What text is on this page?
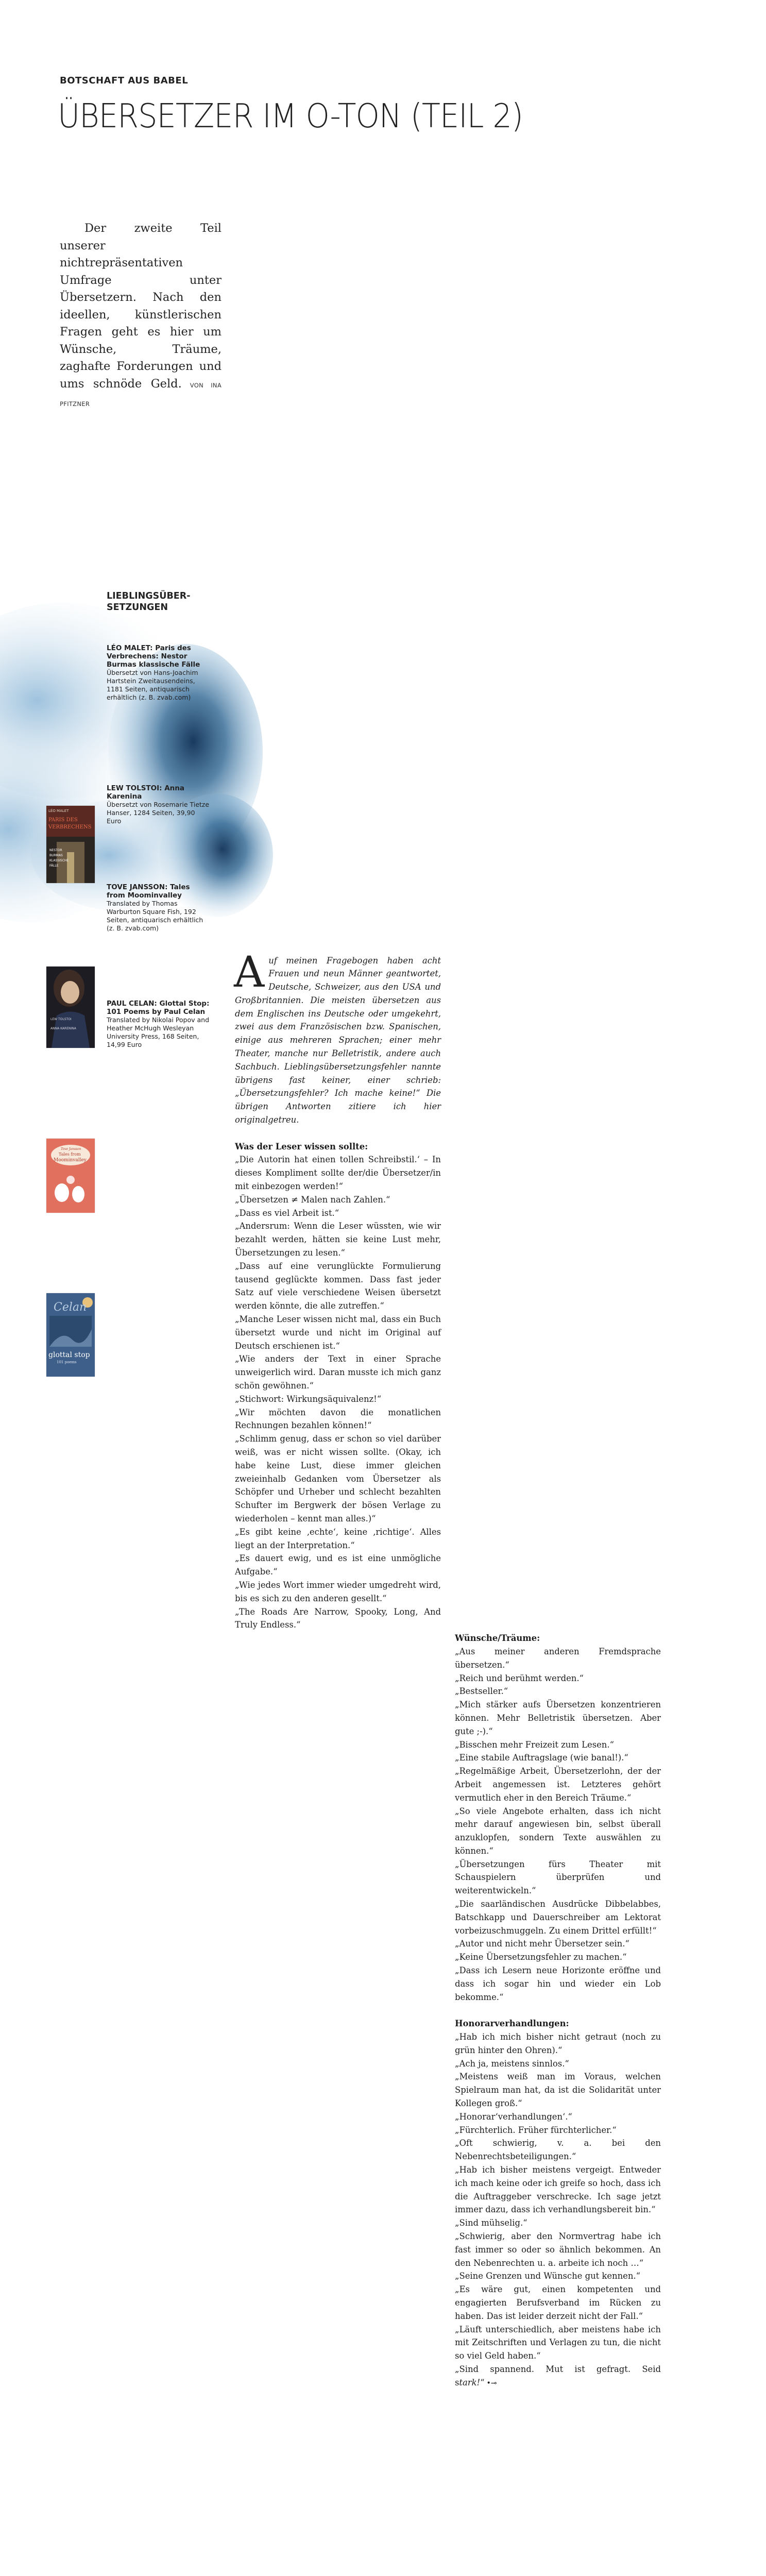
BOTSCHAFT AUS BABEL
ÜBERSETZER IM O-TON (TEIL 2)
Der zweite Teil unserer nichtrepräsentativen Umfrage unter Übersetzern. Nach den ideellen, künstlerischen Fragen geht es hier um Wünsche, Träume, zaghafte Forderungen und ums schnöde Geld. VON INA PFITZNER
LIEBLINGSÜBER-SETZUNGEN
LÉO MALET: Paris des Verbrechens: Nestor Burmas klassische Fälle
Übersetzt von Hans-Joachim Hartstein Zweitausendeins, 1181 Seiten, antiquarisch erhältlich (z. B. zvab.com)
LEW TOLSTOI: Anna Karenina
Übersetzt von Rosemarie Tietze Hanser, 1284 Seiten, 39,90 Euro
TOVE JANSSON: Tales from Moominvalley
Translated by Thomas Warburton Square Fish, 192 Seiten, antiquarisch erhältlich (z. B. zvab.com)
PAUL CELAN: Glottal Stop: 101 Poems by Paul Celan
Translated by Nikolai Popov and Heather McHugh Wesleyan University Press, 168 Seiten, 14,99 Euro
LÉO MALET
PARIS DES
VERBRECHENS
NESTOR
BURMAS
KLASSISCHE
FÄLLE
LEW TOLSTOI
ANNA KARENINA
Tove Jansson
Tales from
Moominvalley
Celan
glottal stop
101 poems

Auf meinen Fragebogen haben acht Frauen und neun Männer geantwortet, Deutsche, Schweizer, aus den USA und Großbritannien. Die meisten übersetzen aus dem Englischen ins Deutsche oder umgekehrt, zwei aus dem Französischen bzw. Spanischen, einige aus mehreren Sprachen; einer mehr Theater, manche nur Belletristik, andere auch Sachbuch. Lieblingsübersetzungsfehler nannte übrigens fast keiner, einer schrieb: „Übersetzungsfehler? Ich mache keine!“ Die übrigen Antworten zitiere ich hier originalgetreu.

Was der Leser wissen sollte:

„Die Autorin hat einen tollen Schreibstil.‘ – In dieses Kompliment sollte der/die Übersetzer/in mit einbezogen werden!“

„Übersetzen ≠ Malen nach Zahlen.“

„Dass es viel Arbeit ist.“

„Andersrum: Wenn die Leser wüssten, wie wir bezahlt werden, hätten sie keine Lust mehr, Übersetzungen zu lesen.“

„Dass auf eine verunglückte Formulierung tausend geglückte kommen. Dass fast jeder Satz auf viele verschiedene Weisen übersetzt werden könnte, die alle zutreffen.“

„Manche Leser wissen nicht mal, dass ein Buch übersetzt wurde und nicht im Original auf Deutsch erschienen ist.“

„Wie anders der Text in einer Sprache unweigerlich wird. Daran musste ich mich ganz schön gewöhnen.“

„Stichwort: Wirkungsäquivalenz!“

„Wir möchten davon die monatlichen Rechnungen bezahlen können!“

„Schlimm genug, dass er schon so viel darüber weiß, was er nicht wissen sollte. (Okay, ich habe keine Lust, diese immer gleichen zweieinhalb Gedanken vom Übersetzer als Schöpfer und Urheber und schlecht bezahlten Schufter im Bergwerk der bösen Verlage zu wiederholen – kennt man alles.)“

„Es gibt keine ‚echte‘, keine ‚richtige‘. Alles liegt an der Interpretation.“

„Es dauert ewig, und es ist eine unmögliche Aufgabe.“

„Wie jedes Wort immer wieder umgedreht wird, bis es sich zu den anderen gesellt.“

„The Roads Are Narrow, Spooky, Long, And Truly Endless.“

Wünsche/Träume:

„Aus meiner anderen Fremdsprache übersetzen.“

„Reich und berühmt werden.“

„Bestseller.“

„Mich stärker aufs Übersetzen konzentrieren können. Mehr Belletristik übersetzen. Aber gute ;-).“

„Bisschen mehr Freizeit zum Lesen.“

„Eine stabile Auftragslage (wie banal!).“

„Regelmäßige Arbeit, Übersetzerlohn, der der Arbeit angemessen ist. Letzteres gehört vermutlich eher in den Bereich Träume.“

„So viele Angebote erhalten, dass ich nicht mehr darauf angewiesen bin, selbst überall anzuklopfen, sondern Texte auswählen zu können.“

„Übersetzungen fürs Theater mit Schauspielern überprüfen und weiterentwickeln.“

„Die saarländischen Ausdrücke Dibbelabbes, Batschkapp und Dauerschreiber am Lektorat vorbeizuschmuggeln. Zu einem Drittel erfüllt!“

„Autor und nicht mehr Übersetzer sein.“

„Keine Übersetzungsfehler zu machen.“

„Dass ich Lesern neue Horizonte eröffne und dass ich sogar hin und wieder ein Lob bekomme.“

Honorarverhandlungen:

„Hab ich mich bisher nicht getraut (noch zu grün hinter den Ohren).“

„Ach ja, meistens sinnlos.“

„Meistens weiß man im Voraus, welchen Spielraum man hat, da ist die Solidarität unter Kollegen groß.“

„Honorar‘verhandlungen‘.“

„Fürchterlich. Früher fürchterlicher.“

„Oft schwierig, v. a. bei den Nebenrechtsbeteiligungen.“

„Hab ich bisher meistens vergeigt. Entweder ich mach keine oder ich greife so hoch, dass ich die Auftraggeber verschrecke. Ich sage jetzt immer dazu, dass ich verhandlungsbereit bin.“

„Sind mühselig.“

„Schwierig, aber den Normvertrag habe ich fast immer so oder so ähnlich bekommen. An den Nebenrechten u. a. arbeite ich noch …“

„Seine Grenzen und Wünsche gut kennen.“

„Es wäre gut, einen kompetenten und engagierten Berufsverband im Rücken zu haben. Das ist leider derzeit nicht der Fall.“

„Läuft unterschiedlich, aber meistens habe ich mit Zeitschriften und Verlagen zu tun, die nicht so viel Geld haben.“

„Sind spannend. Mut ist gefragt. Seid stark!“ •⊸
